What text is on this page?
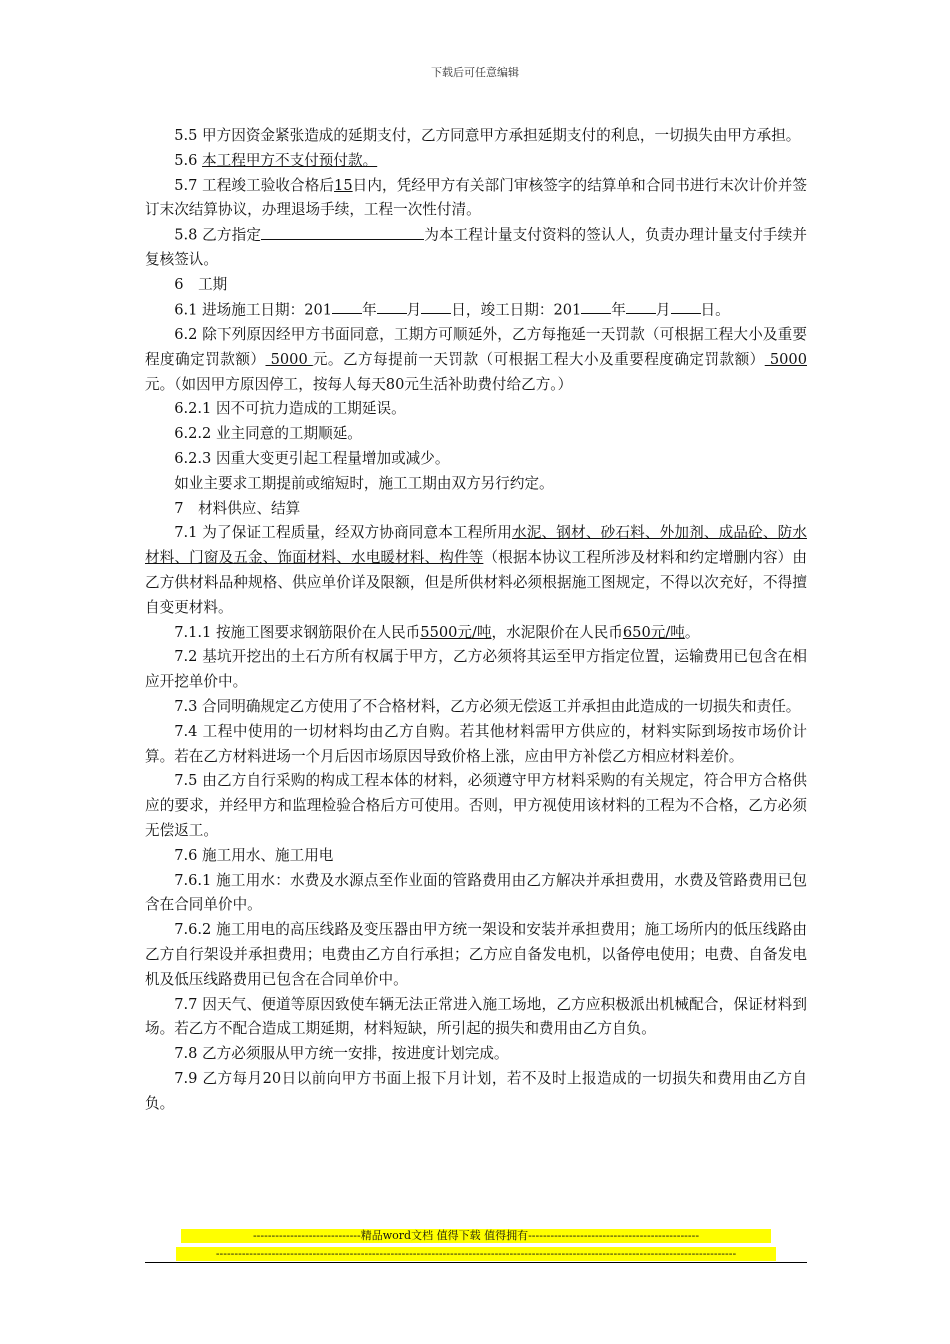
下载后可任意编辑

5.5 甲方因资金紧张造成的延期支付，乙方同意甲方承担延期支付的利息，一切损失由甲方承担。

5.6 本工程甲方不支付预付款。

5.7 工程竣工验收合格后15日内，凭经甲方有关部门审核签字的结算单和合同书进行末次计价并签订末次结算协议，办理退场手续，工程一次性付清。

5.8 乙方指定	为本工程计量支付资料的签认人，负责办理计量支付手续并复核签认。

6　工期

6.1 进场施工日期：201 年 月 日，竣工日期：201 年 月 日。

6.2 除下列原因经甲方书面同意，工期方可顺延外，乙方每拖延一天罚款（可根据工程大小及重要程度确定罚款额） 5000 元。乙方每提前一天罚款（可根据工程大小及重要程度确定罚款额） 5000 元。（如因甲方原因停工，按每人每天80元生活补助费付给乙方。）

6.2.1 因不可抗力造成的工期延误。

6.2.2 业主同意的工期顺延。

6.2.3 因重大变更引起工程量增加或减少。

如业主要求工期提前或缩短时，施工工期由双方另行约定。

7　材料供应、结算

7.1 为了保证工程质量，经双方协商同意本工程所用水泥、钢材、砂石料、外加剂、成品砼、防水材料、门窗及五金、饰面材料、水电暖材料、构件等（根据本协议工程所涉及材料和约定增删内容）由乙方供材料品种规格、供应单价详及限额，但是所供材料必须根据施工图规定，不得以次充好，不得擅自变更材料。

7.1.1 按施工图要求钢筋限价在人民币5500元/吨，水泥限价在人民币650元/吨。

7.2 基坑开挖出的土石方所有权属于甲方，乙方必须将其运至甲方指定位置，运输费用已包含在相应开挖单价中。

7.3 合同明确规定乙方使用了不合格材料，乙方必须无偿返工并承担由此造成的一切损失和责任。

7.4 工程中使用的一切材料均由乙方自购。若其他材料需甲方供应的，材料实际到场按市场价计算。若在乙方材料进场一个月后因市场原因导致价格上涨，应由甲方补偿乙方相应材料差价。

7.5 由乙方自行采购的构成工程本体的材料，必须遵守甲方材料采购的有关规定，符合甲方合格供应的要求，并经甲方和监理检验合格后方可使用。否则，甲方视使用该材料的工程为不合格，乙方必须无偿返工。

7.6 施工用水、施工用电

7.6.1 施工用水：水费及水源点至作业面的管路费用由乙方解决并承担费用，水费及管路费用已包含在合同单价中。

7.6.2 施工用电的高压线路及变压器由甲方统一架设和安装并承担费用；施工场所内的低压线路由乙方自行架设并承担费用；电费由乙方自行承担；乙方应自备发电机，以备停电使用；电费、自备发电机及低压线路费用已包含在合同单价中。

7.7 因天气、便道等原因致使车辆无法正常进入施工场地，乙方应积极派出机械配合，保证材料到场。若乙方不配合造成工期延期，材料短缺，所引起的损失和费用由乙方自负。

7.8 乙方必须服从甲方统一安排，按进度计划完成。

7.9 乙方每月20日以前向甲方书面上报下月计划，若不及时上报造成的一切损失和费用由乙方自负。

-----------------------------精品word文档 值得下载 值得拥有----------------------------------------------
--------------------------------------------------------------------------------------------------------------------------------------------
